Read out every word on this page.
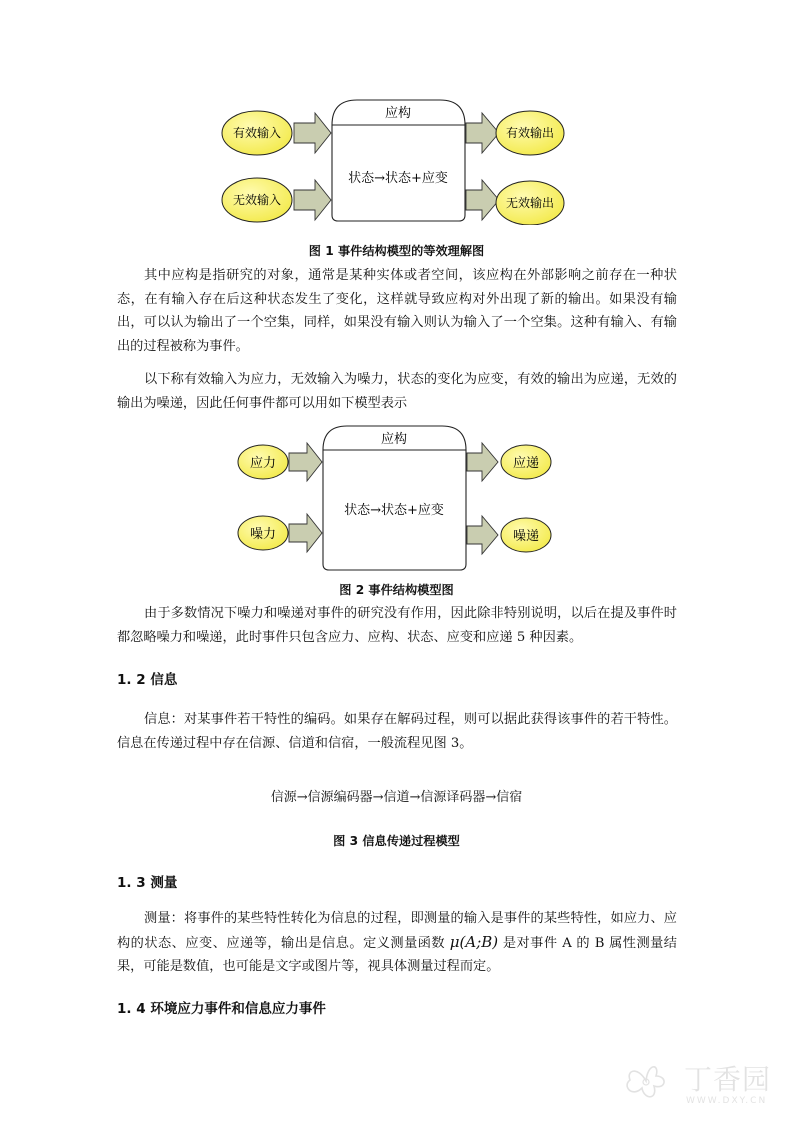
应构
状态→状态+应变
有效输入
无效输入
有效输出
无效输出
图 1 事件结构模型的等效理解图

其中应构是指研究的对象，通常是某种实体或者空间，该应构在外部影响之前存在一种状态，在有输入存在后这种状态发生了变化，这样就导致应构对外出现了新的输出。如果没有输出，可以认为输出了一个空集，同样，如果没有输入则认为输入了一个空集。这种有输入、有输出的过程被称为事件。

以下称有效输入为应力，无效输入为噪力，状态的变化为应变，有效的输出为应递，无效的输出为噪递，因此任何事件都可以用如下模型表示

应构
状态→状态+应变
应力
噪力
应递
噪递
图 2 事件结构模型图

由于多数情况下噪力和噪递对事件的研究没有作用，因此除非特别说明，以后在提及事件时都忽略噪力和噪递，此时事件只包含应力、应构、状态、应变和应递 5 种因素。

1. 2 信息

信息：对某事件若干特性的编码。如果存在解码过程，则可以据此获得该事件的若干特性。信息在传递过程中存在信源、信道和信宿，一般流程见图 3。

信源→信源编码器→信道→信源译码器→信宿
图 3 信息传递过程模型
1. 3 测量

测量：将事件的某些特性转化为信息的过程，即测量的输入是事件的某些特性，如应力、应构的状态、应变、应递等，输出是信息。定义测量函数 μ(A;B) 是对事件 A 的 B 属性测量结果，可能是数值，也可能是文字或图片等，视具体测量过程而定。

1. 4 环境应力事件和信息应力事件
丁香园
WWW.DXY.CN
